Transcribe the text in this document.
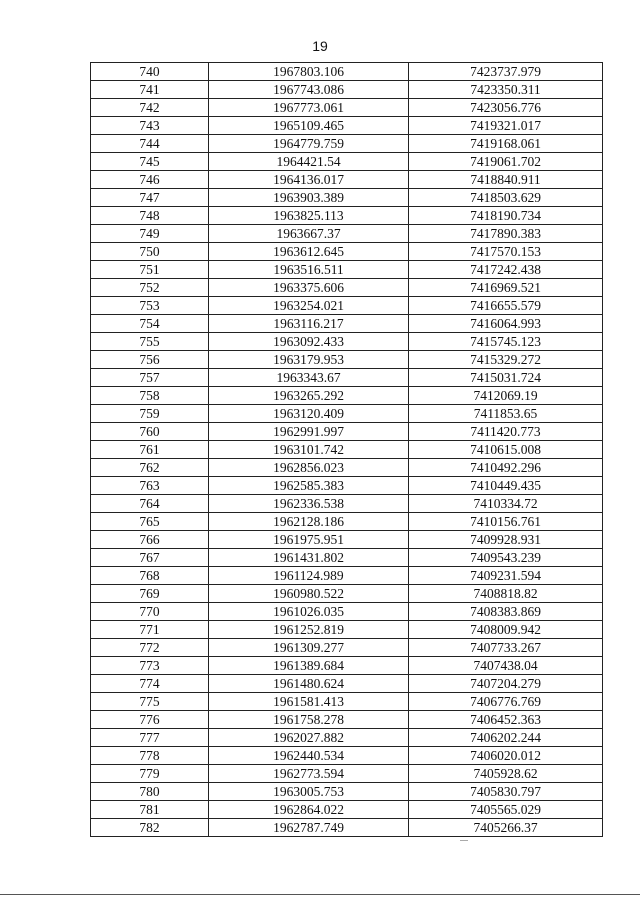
19
740	1967803.106	7423737.979
741	1967743.086	7423350.311
742	1967773.061	7423056.776
743	1965109.465	7419321.017
744	1964779.759	7419168.061
745	1964421.54	7419061.702
746	1964136.017	7418840.911
747	1963903.389	7418503.629
748	1963825.113	7418190.734
749	1963667.37	7417890.383
750	1963612.645	7417570.153
751	1963516.511	7417242.438
752	1963375.606	7416969.521
753	1963254.021	7416655.579
754	1963116.217	7416064.993
755	1963092.433	7415745.123
756	1963179.953	7415329.272
757	1963343.67	7415031.724
758	1963265.292	7412069.19
759	1963120.409	7411853.65
760	1962991.997	7411420.773
761	1963101.742	7410615.008
762	1962856.023	7410492.296
763	1962585.383	7410449.435
764	1962336.538	7410334.72
765	1962128.186	7410156.761
766	1961975.951	7409928.931
767	1961431.802	7409543.239
768	1961124.989	7409231.594
769	1960980.522	7408818.82
770	1961026.035	7408383.869
771	1961252.819	7408009.942
772	1961309.277	7407733.267
773	1961389.684	7407438.04
774	1961480.624	7407204.279
775	1961581.413	7406776.769
776	1961758.278	7406452.363
777	1962027.882	7406202.244
778	1962440.534	7406020.012
779	1962773.594	7405928.62
780	1963005.753	7405830.797
781	1962864.022	7405565.029
782	1962787.749	7405266.37
